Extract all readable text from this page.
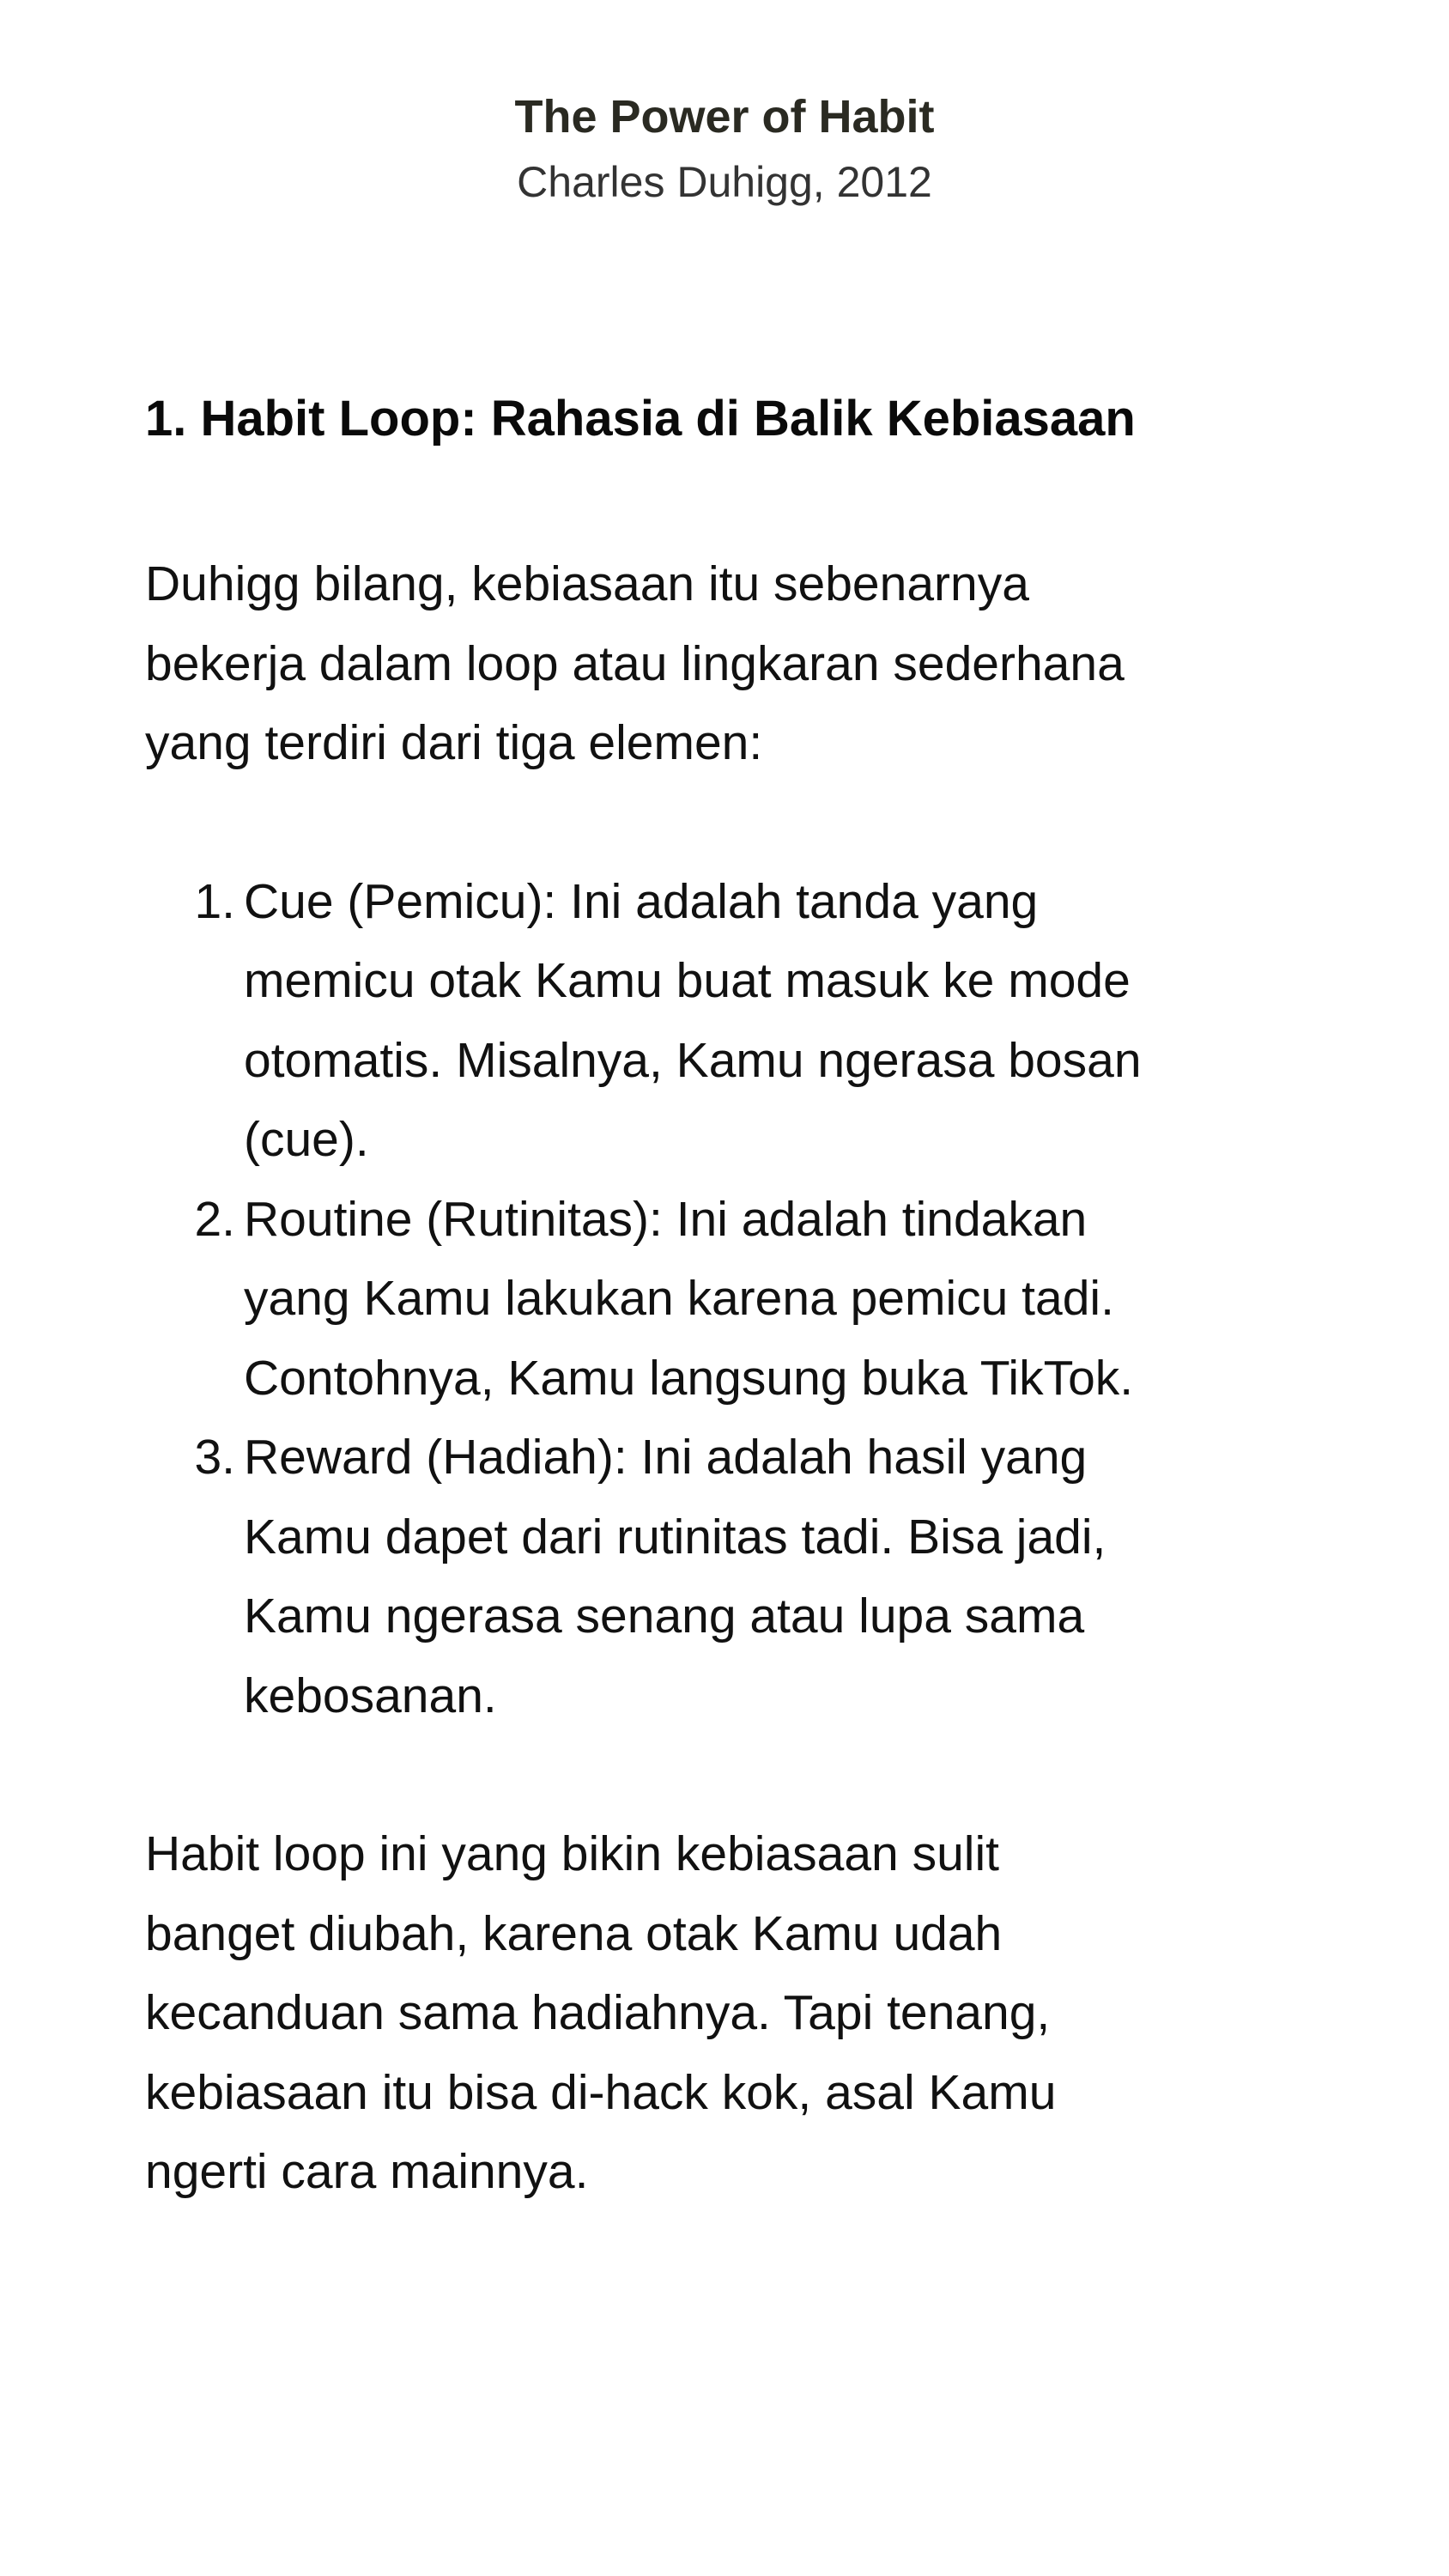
The Power of Habit
Charles Duhigg, 2012
1. Habit Loop: Rahasia di Balik Kebiasaan

Duhigg bilang, kebiasaan itu sebenarnya
bekerja dalam loop atau lingkaran sederhana
yang terdiri dari tiga elemen:

1. Cue (Pemicu): Ini adalah tanda yang
memicu otak Kamu buat masuk ke mode
otomatis. Misalnya, Kamu ngerasa bosan
(cue).
2. Routine (Rutinitas): Ini adalah tindakan
yang Kamu lakukan karena pemicu tadi.
Contohnya, Kamu langsung buka TikTok.
3. Reward (Hadiah): Ini adalah hasil yang
Kamu dapet dari rutinitas tadi. Bisa jadi,
Kamu ngerasa senang atau lupa sama
kebosanan.

Habit loop ini yang bikin kebiasaan sulit
banget diubah, karena otak Kamu udah
kecanduan sama hadiahnya. Tapi tenang,
kebiasaan itu bisa di-hack kok, asal Kamu
ngerti cara mainnya.
